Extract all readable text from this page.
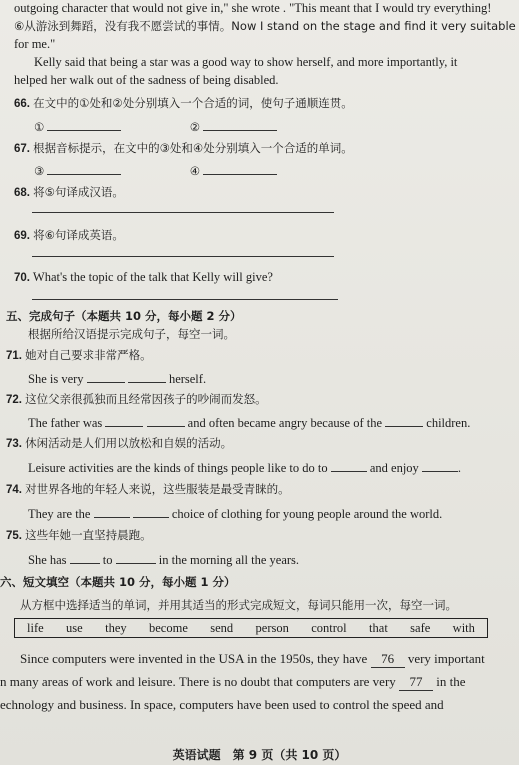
outgoing character that would not give in," she wrote . "This meant that I would try everything!
⑥从游泳到舞蹈，没有我不愿尝试的事情。Now I stand on the stage and find it very suitable
for me."
Kelly said that being a star was a good way to show herself, and more importantly, it
helped her walk out of the sadness of being disabled.
66. 在文中的①处和②处分别填入一个合适的词，使句子通顺连贯。
①	②
67. 根据音标提示，在文中的③处和④处分别填入一个合适的单词。
③	④
68. 将⑤句译成汉语。
69. 将⑥句译成英语。
70. What's the topic of the talk that Kelly will give?
五、完成句子（本题共 10 分，每小题 2 分）
根据所给汉语提示完成句子，每空一词。
71. 她对自己要求非常严格。
She is very	herself.
72. 这位父亲很孤独而且经常因孩子的吵闹而发怒。
The father was	and often became angry because of the	children.
73. 休闲活动是人们用以放松和自娱的活动。
Leisure activities are the kinds of things people like to do to	and enjoy	.
74. 对世界各地的年轻人来说，这些服装是最受青睐的。
They are the	choice of clothing for young people around the world.
75. 这些年她一直坚持晨跑。
She has	to	in the morning all the years.
六、短文填空（本题共 10 分，每小题 1 分）
从方框中选择适当的单词，并用其适当的形式完成短文，每词只能用一次，每空一词。
life use they become send person control that safe with
Since computers were invented in the USA in the 1950s, they have 76 very important
n many areas of work and leisure. There is no doubt that computers are very 77 in the
echnology and business. In space, computers have been used to control the speed and
英语试题　第 9 页（共 10 页）
